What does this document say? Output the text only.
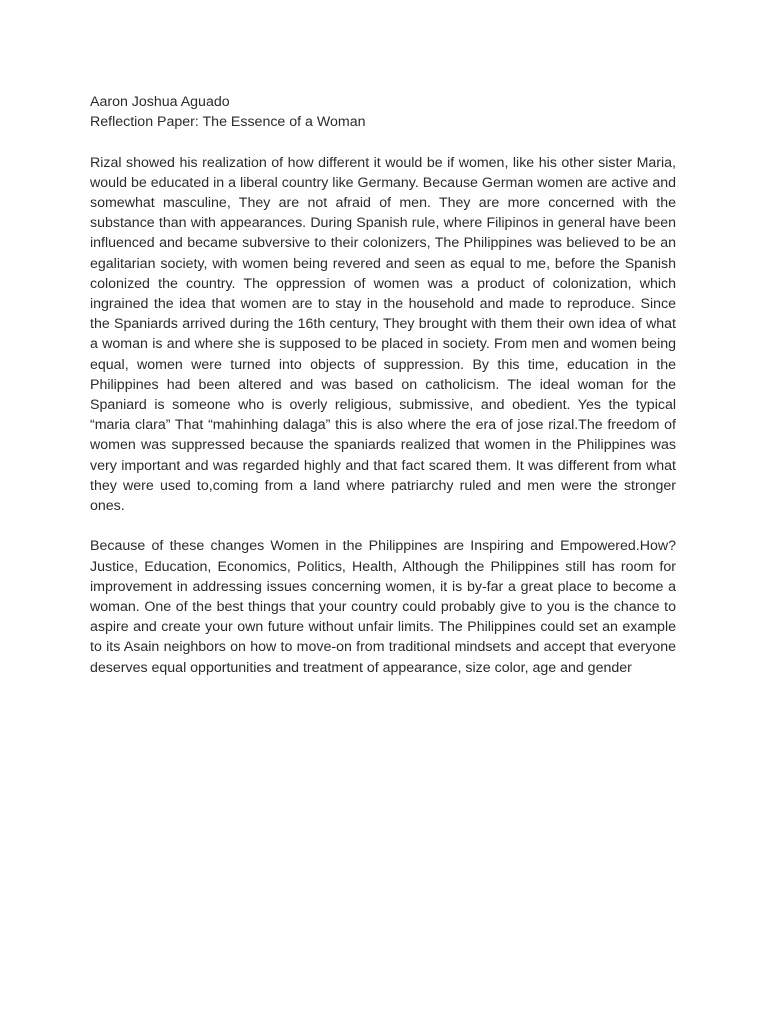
Aaron Joshua Aguado

Reflection Paper: The Essence of a Woman

Rizal showed his realization of how different it would be if women, like his other sister Maria, would be educated in a liberal country like Germany. Because German women are active and somewhat masculine, They are not afraid of men. They are more concerned with the substance than with appearances. During Spanish rule, where Filipinos in general have been influenced and became subversive to their colonizers, The Philippines was believed to be an egalitarian society, with women being revered and seen as equal to me, before the Spanish colonized the country. The oppression of women was a product of colonization, which ingrained the idea that women are to stay in the household and made to reproduce. Since the Spaniards arrived during the 16th century, They brought with them their own idea of what a woman is and where she is supposed to be placed in society. From men and women being equal, women were turned into objects of suppression. By this time, education in the Philippines had been altered and was based on catholicism. The ideal woman for the Spaniard is someone who is overly religious, submissive, and obedient. Yes the typical “maria clara” That “mahinhing dalaga” this is also where the era of jose rizal.The freedom of women was suppressed because the spaniards realized that women in the Philippines was very important and was regarded highly and that fact scared them. It was different from what they were used to,coming from a land where patriarchy ruled and men were the stronger ones.

Because of these changes Women in the Philippines are Inspiring and Empowered.How? Justice, Education, Economics, Politics, Health, Although the Philippines still has room for improvement in addressing issues concerning women, it is by-far a great place to become a woman. One of the best things that your country could probably give to you is the chance to aspire and create your own future without unfair limits. The Philippines could set an example to its Asain neighbors on how to move-on from traditional mindsets and accept that everyone deserves equal opportunities and treatment of appearance, size color, age and gender
